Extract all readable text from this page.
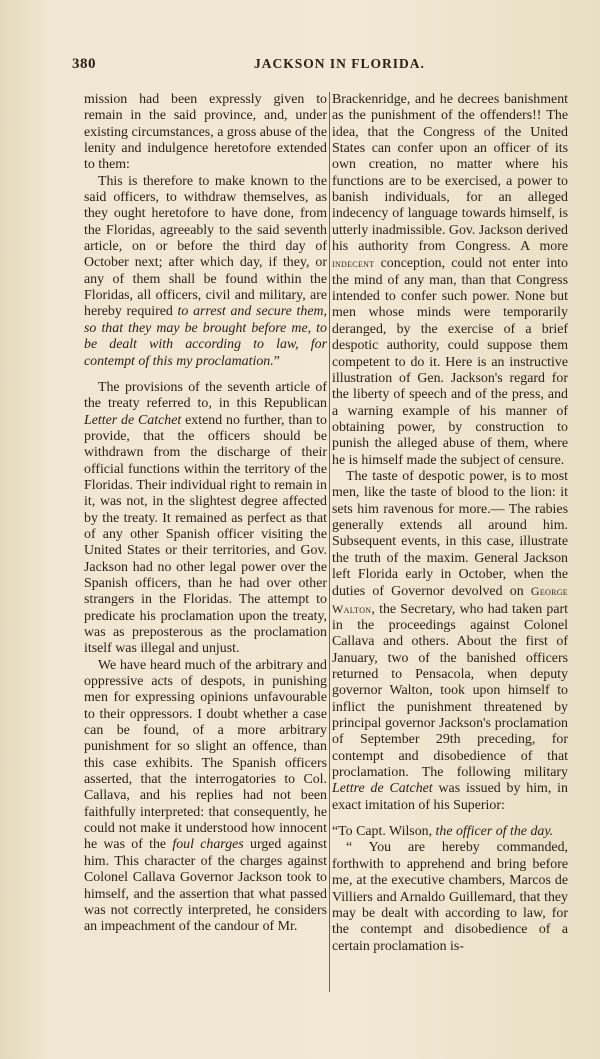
380	JACKSON IN FLORIDA.

mission had been expressly given to remain in the said province, and, under existing circumstances, a gross abuse of the lenity and indulgence heretofore extended to them:

This is therefore to make known to the said officers, to withdraw themselves, as they ought heretofore to have done, from the Floridas, agreeably to the said seventh article, on or before the third day of October next; after which day, if they, or any of them shall be found within the Floridas, all officers, civil and military, are hereby required to arrest and secure them, so that they may be brought before me, to be dealt with according to law, for contempt of this my proclamation.”

The provisions of the seventh article of the treaty referred to, in this Republican Letter de Catchet extend no further, than to provide, that the officers should be withdrawn from the discharge of their official functions within the territory of the Floridas. Their individual right to remain in it, was not, in the slightest degree affected by the treaty. It remained as perfect as that of any other Spanish officer visiting the United States or their territories, and Gov. Jackson had no other legal power over the Spanish officers, than he had over other strangers in the Floridas. The attempt to predicate his proclamation upon the treaty, was as preposterous as the proclamation itself was illegal and unjust.

We have heard much of the arbitrary and oppressive acts of despots, in punishing men for expressing opinions unfavourable to their oppressors. I doubt whether a case can be found, of a more arbitrary punishment for so slight an offence, than this case exhibits. The Spanish officers asserted, that the interrogatories to Col. Callava, and his replies had not been faithfully interpreted: that consequently, he could not make it understood how innocent he was of the foul charges urged against him. This character of the charges against Colonel Callava Governor Jackson took to himself, and the assertion that what passed was not correctly interpreted, he considers an impeachment of the candour of Mr.

Brackenridge, and he decrees banishment as the punishment of the offenders!! The idea, that the Congress of the United States can confer upon an officer of its own creation, no matter where his functions are to be exercised, a power to banish individuals, for an alleged indecency of language towards himself, is utterly inadmissible. Gov. Jackson derived his authority from Congress. A more indecent conception, could not enter into the mind of any man, than that Congress intended to confer such power. None but men whose minds were temporarily deranged, by the exercise of a brief despotic authority, could suppose them competent to do it. Here is an instructive illustration of Gen. Jackson's regard for the liberty of speech and of the press, and a warning example of his manner of obtaining power, by construction to punish the alleged abuse of them, where he is himself made the subject of censure.

The taste of despotic power, is to most men, like the taste of blood to the lion: it sets him ravenous for more.— The rabies generally extends all around him. Subsequent events, in this case, illustrate the truth of the maxim. General Jackson left Florida early in October, when the duties of Governor devolved on George Walton, the Secretary, who had taken part in the proceedings against Colonel Callava and others. About the first of January, two of the banished officers returned to Pensacola, when deputy governor Walton, took upon himself to inflict the punishment threatened by principal governor Jackson's proclamation of September 29th preceding, for contempt and disobedience of that proclamation. The following military Lettre de Catchet was issued by him, in exact imitation of his Superior:

“To Capt. Wilson, the officer of the day.

“ You are hereby commanded, forthwith to apprehend and bring before me, at the executive chambers, Marcos de Villiers and Arnaldo Guillemard, that they may be dealt with according to law, for the contempt and disobedience of a certain proclamation is-
